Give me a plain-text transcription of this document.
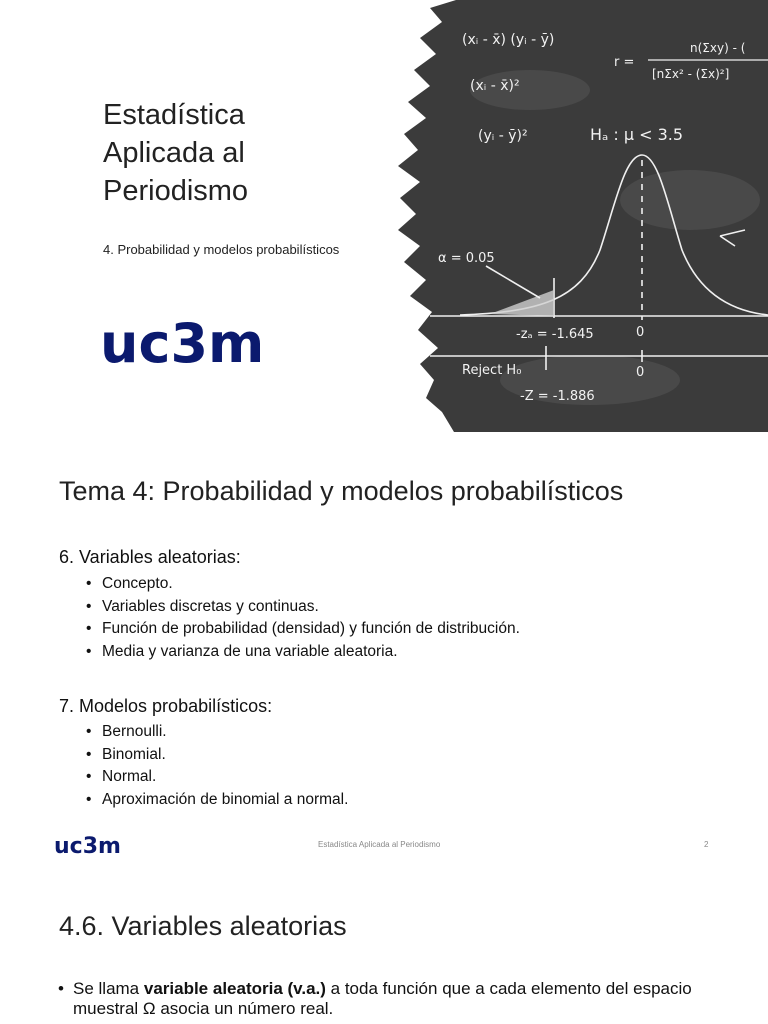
Estadística
Aplicada al
Periodismo
4. Probabilidad y modelos probabilísticos
uc3m
(xᵢ - x̄) (yᵢ - ȳ)
(xᵢ - x̄)²
(yᵢ - ȳ)²
r =
n(Σxy) - (
[nΣx² - (Σx)²]
Hₐ : μ < 3.5
α = 0.05
-zₐ = -1.645	0
Reject H₀	0
-Z = -1.886
Tema 4: Probabilidad y modelos probabilísticos
6. Variables aleatorias:
• Concepto.
• Variables discretas y continuas.
• Función de probabilidad (densidad) y función de distribución.
• Media y varianza de una variable aleatoria.
7. Modelos probabilísticos:
• Bernoulli.
• Binomial.
• Normal.
• Aproximación de binomial a normal.
uc3m	Estadística Aplicada al Periodismo	2
4.6. Variables aleatorias
• Se llama variable aleatoria (v.a.) a toda función que a cada elemento del espacio muestral Ω asocia un número real.
